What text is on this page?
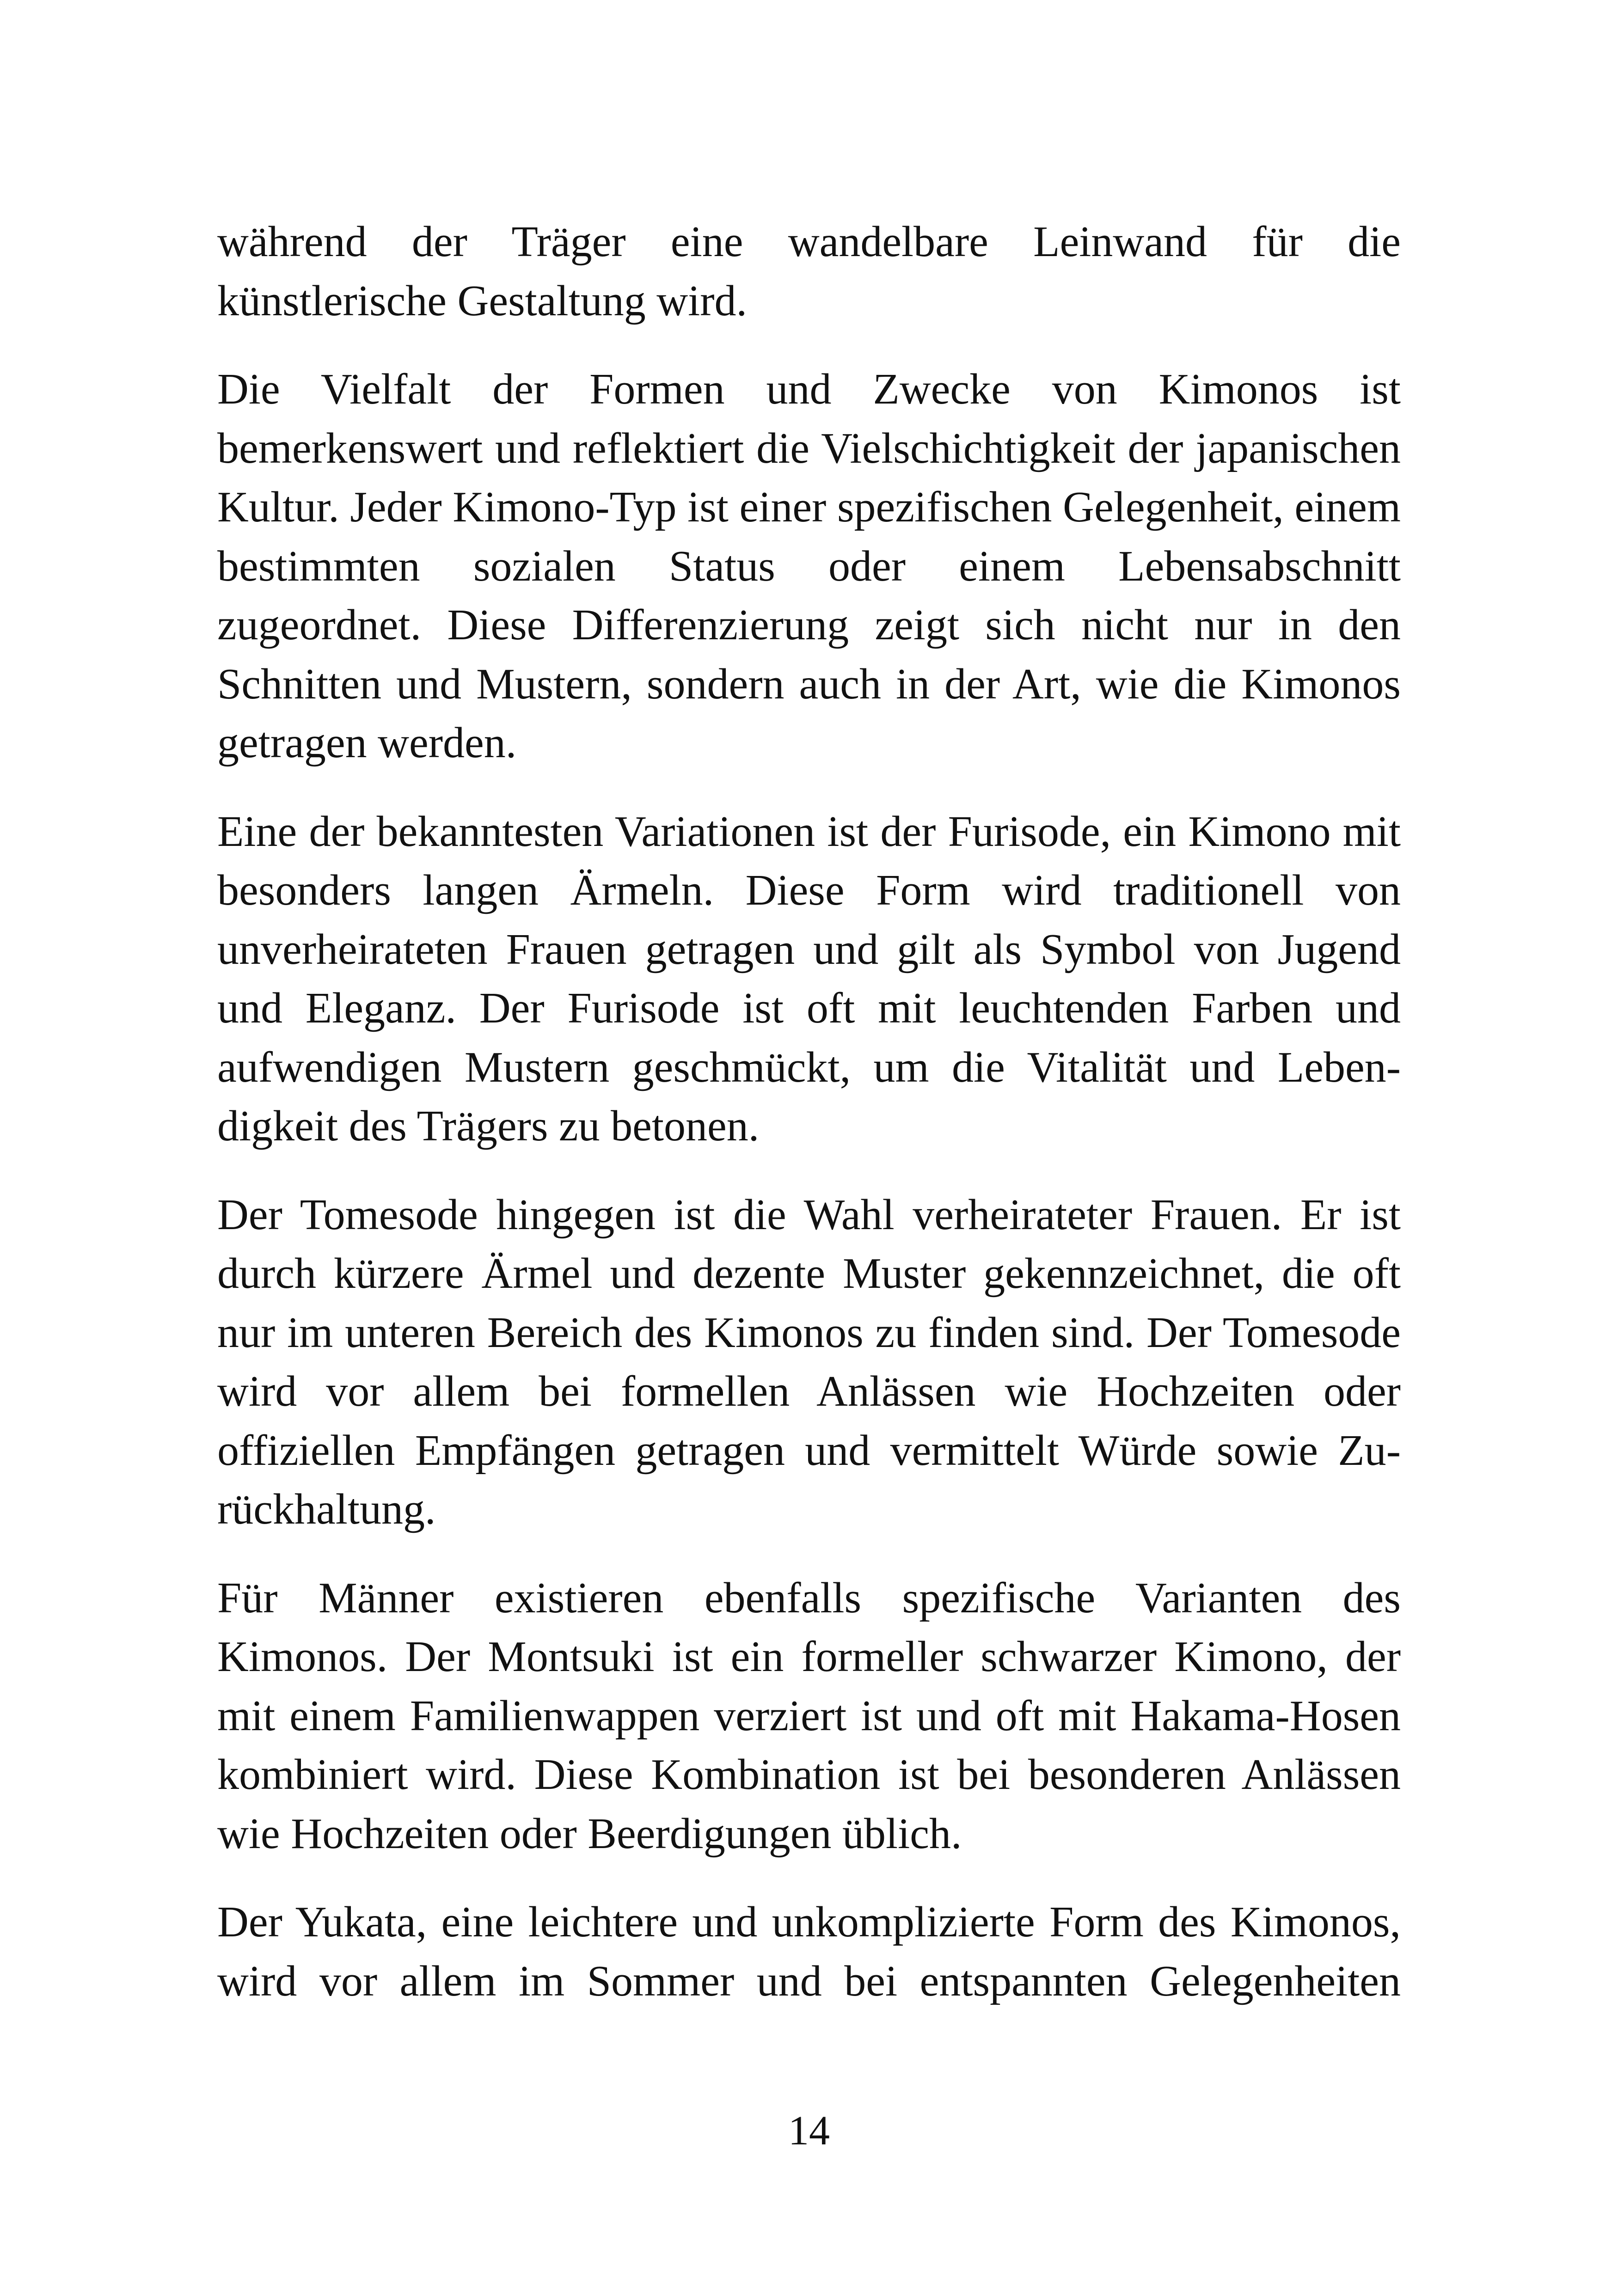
während der Träger eine wandelbare Leinwand für die künstlerische Gestaltung wird.

Die Vielfalt der Formen und Zwecke von Kimonos ist bemerkenswert und reflektiert die Vielschichtigkeit der japanischen Kultur. Jeder Kimono-Typ ist einer spezifischen Gelegenheit, einem bestimmten sozialen Status oder einem Lebensabschnitt zugeordnet. Diese Differenzierung zeigt sich nicht nur in den Schnitten und Mustern, sondern auch in der Art, wie die Kimonos getragen werden.

Eine der bekanntesten Variationen ist der Furisode, ein Kimono mit besonders langen Ärmeln. Diese Form wird traditionell von unverheirateten Frauen getragen und gilt als Symbol von Jugend und Eleganz. Der Furisode ist oft mit leuchtenden Farben und aufwendigen Mustern geschmückt, um die Vitalität und Lebendigkeit des Trägers zu betonen.

Der Tomesode hingegen ist die Wahl verheirateter Frauen. Er ist durch kürzere Ärmel und dezente Muster gekennzeichnet, die oft nur im unteren Bereich des Kimonos zu finden sind. Der Tomesode wird vor allem bei formellen Anlässen wie Hochzeiten oder offiziellen Empfängen getragen und vermittelt Würde sowie Zurückhaltung.

Für Männer existieren ebenfalls spezifische Varianten des Kimonos. Der Montsuki ist ein formeller schwarzer Kimono, der mit einem Familienwappen verziert ist und oft mit Hakama-Hosen kombiniert wird. Diese Kombination ist bei besonderen Anlässen wie Hochzeiten oder Beerdigungen üblich.

Der Yukata, eine leichtere und unkomplizierte Form des Kimonos, wird vor allem im Sommer und bei entspannten Gelegenheiten

14
